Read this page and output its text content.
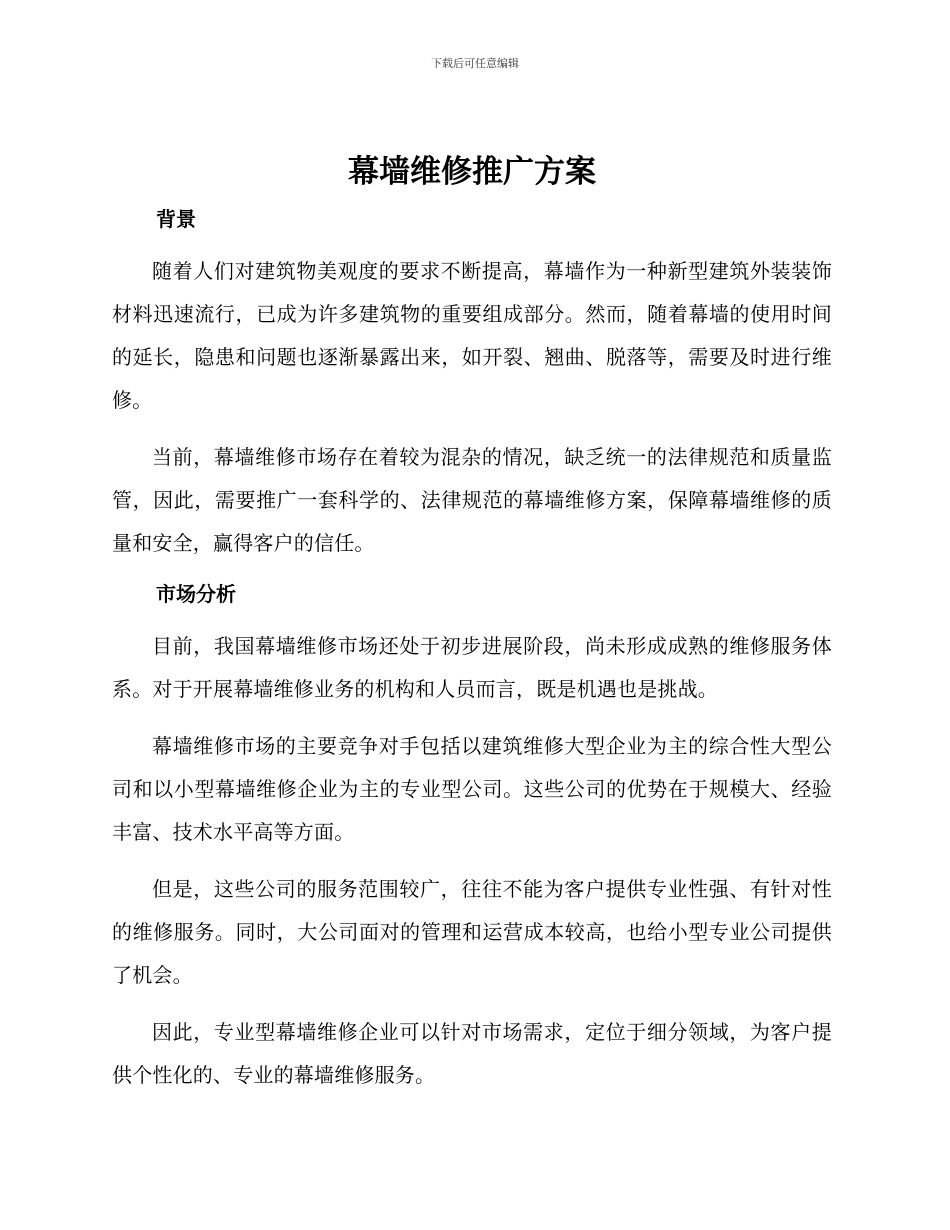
下载后可任意编辑
幕墙维修推广方案
背景

随着人们对建筑物美观度的要求不断提高，幕墙作为一种新型建筑外装装饰材料迅速流行，已成为许多建筑物的重要组成部分。然而，随着幕墙的使用时间的延长，隐患和问题也逐渐暴露出来，如开裂、翘曲、脱落等，需要及时进行维修。

当前，幕墙维修市场存在着较为混杂的情况，缺乏统一的法律规范和质量监管，因此，需要推广一套科学的、法律规范的幕墙维修方案，保障幕墙维修的质量和安全，赢得客户的信任。

市场分析

目前，我国幕墙维修市场还处于初步进展阶段，尚未形成成熟的维修服务体系。对于开展幕墙维修业务的机构和人员而言，既是机遇也是挑战。

幕墙维修市场的主要竞争对手包括以建筑维修大型企业为主的综合性大型公司和以小型幕墙维修企业为主的专业型公司。这些公司的优势在于规模大、经验丰富、技术水平高等方面。

但是，这些公司的服务范围较广，往往不能为客户提供专业性强、有针对性的维修服务。同时，大公司面对的管理和运营成本较高，也给小型专业公司提供了机会。

因此，专业型幕墙维修企业可以针对市场需求，定位于细分领域，为客户提供个性化的、专业的幕墙维修服务。
